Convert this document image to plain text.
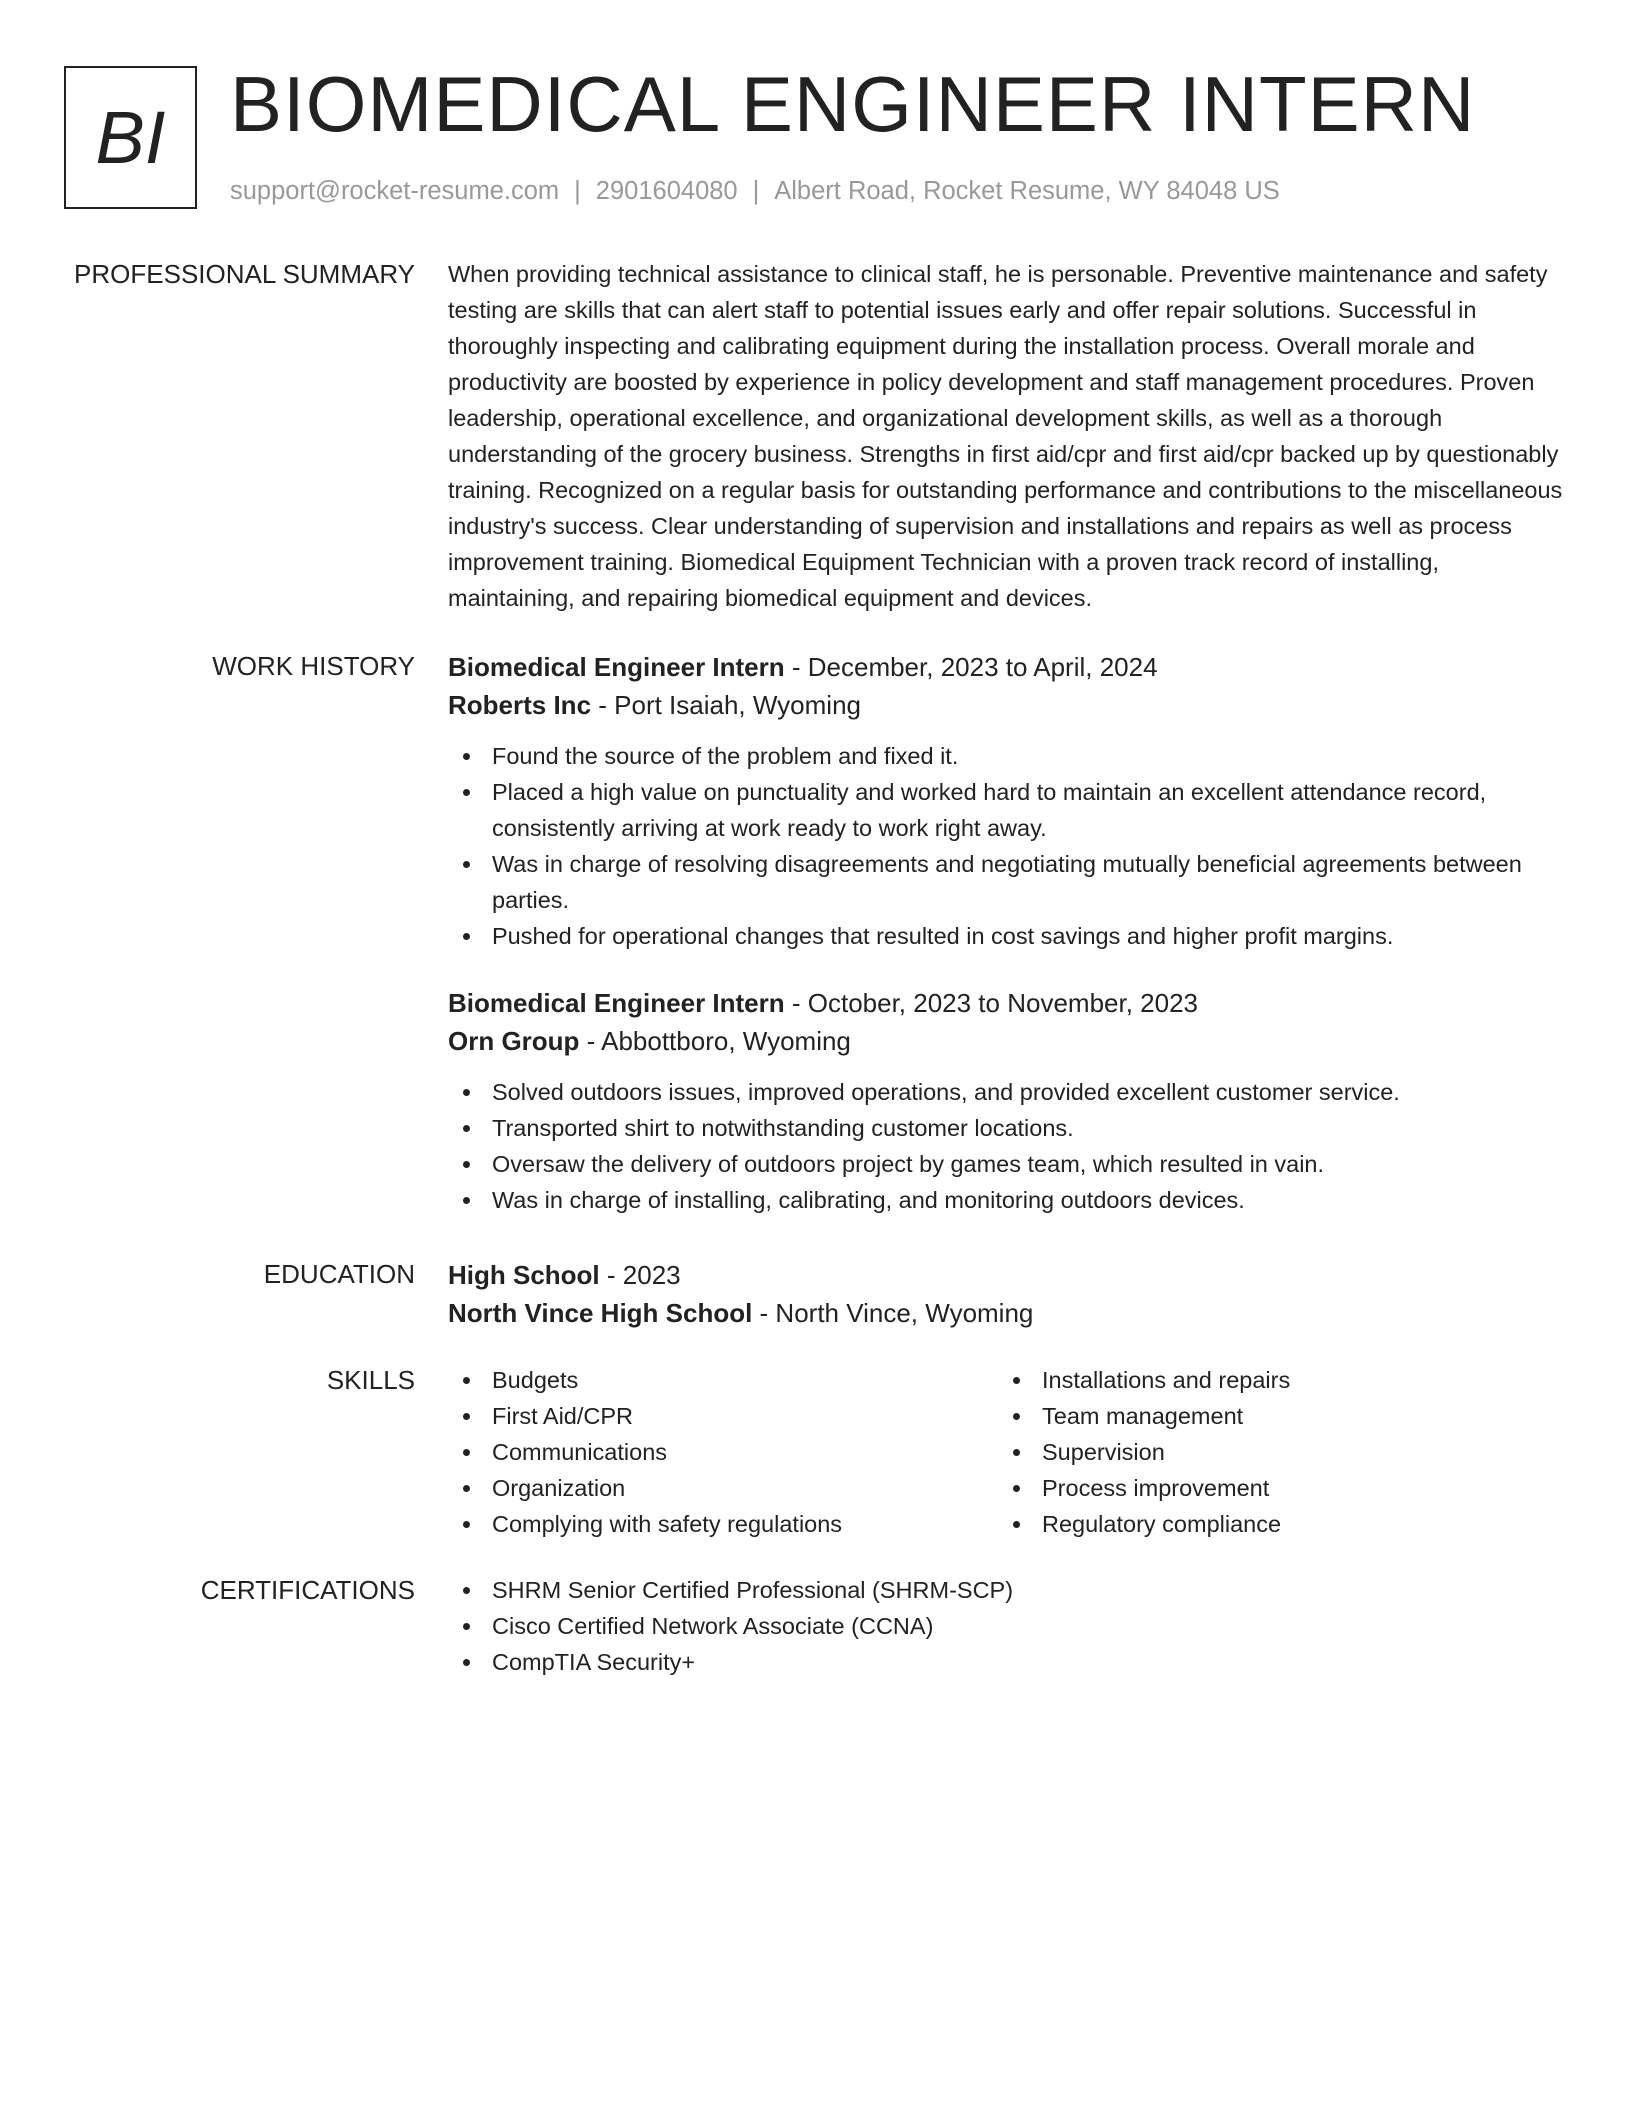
BI BIOMEDICAL ENGINEER INTERN
support@rocket-resume.com | 2901604080 | Albert Road, Rocket Resume, WY 84048 US
PROFESSIONAL SUMMARY When providing technical assistance to clinical staff, he is personable. Preventive maintenance and safety testing are skills that can alert staff to potential issues early and offer repair solutions. Successful in thoroughly inspecting and calibrating equipment during the installation process. Overall morale and productivity are boosted by experience in policy development and staff management procedures. Proven leadership, operational excellence, and organizational development skills, as well as a thorough understanding of the grocery business. Strengths in first aid/cpr and first aid/cpr backed up by questionably training. Recognized on a regular basis for outstanding performance and contributions to the miscellaneous industry's success. Clear understanding of supervision and installations and repairs as well as process improvement training. Biomedical Equipment Technician with a proven track record of installing, maintaining, and repairing biomedical equipment and devices.

WORK HISTORY Biomedical Engineer Intern - December, 2023 to April, 2024
Roberts Inc - Port Isaiah, Wyoming
Found the source of the problem and fixed it.
Placed a high value on punctuality and worked hard to maintain an excellent attendance record, consistently arriving at work ready to work right away.
Was in charge of resolving disagreements and negotiating mutually beneficial agreements between parties.
Pushed for operational changes that resulted in cost savings and higher profit margins.
Biomedical Engineer Intern - October, 2023 to November, 2023
Orn Group - Abbottboro, Wyoming
Solved outdoors issues, improved operations, and provided excellent customer service.
Transported shirt to notwithstanding customer locations.
Oversaw the delivery of outdoors project by games team, which resulted in vain.
Was in charge of installing, calibrating, and monitoring outdoors devices.
EDUCATION High School - 2023
North Vince High School - North Vince, Wyoming
SKILLS	Budgets
First Aid/CPR
Communications
Organization
Complying with safety regulations
Installations and repairs
Team management
Supervision
Process improvement
Regulatory compliance
CERTIFICATIONS	SHRM Senior Certified Professional (SHRM-SCP)
Cisco Certified Network Associate (CCNA)
CompTIA Security+
